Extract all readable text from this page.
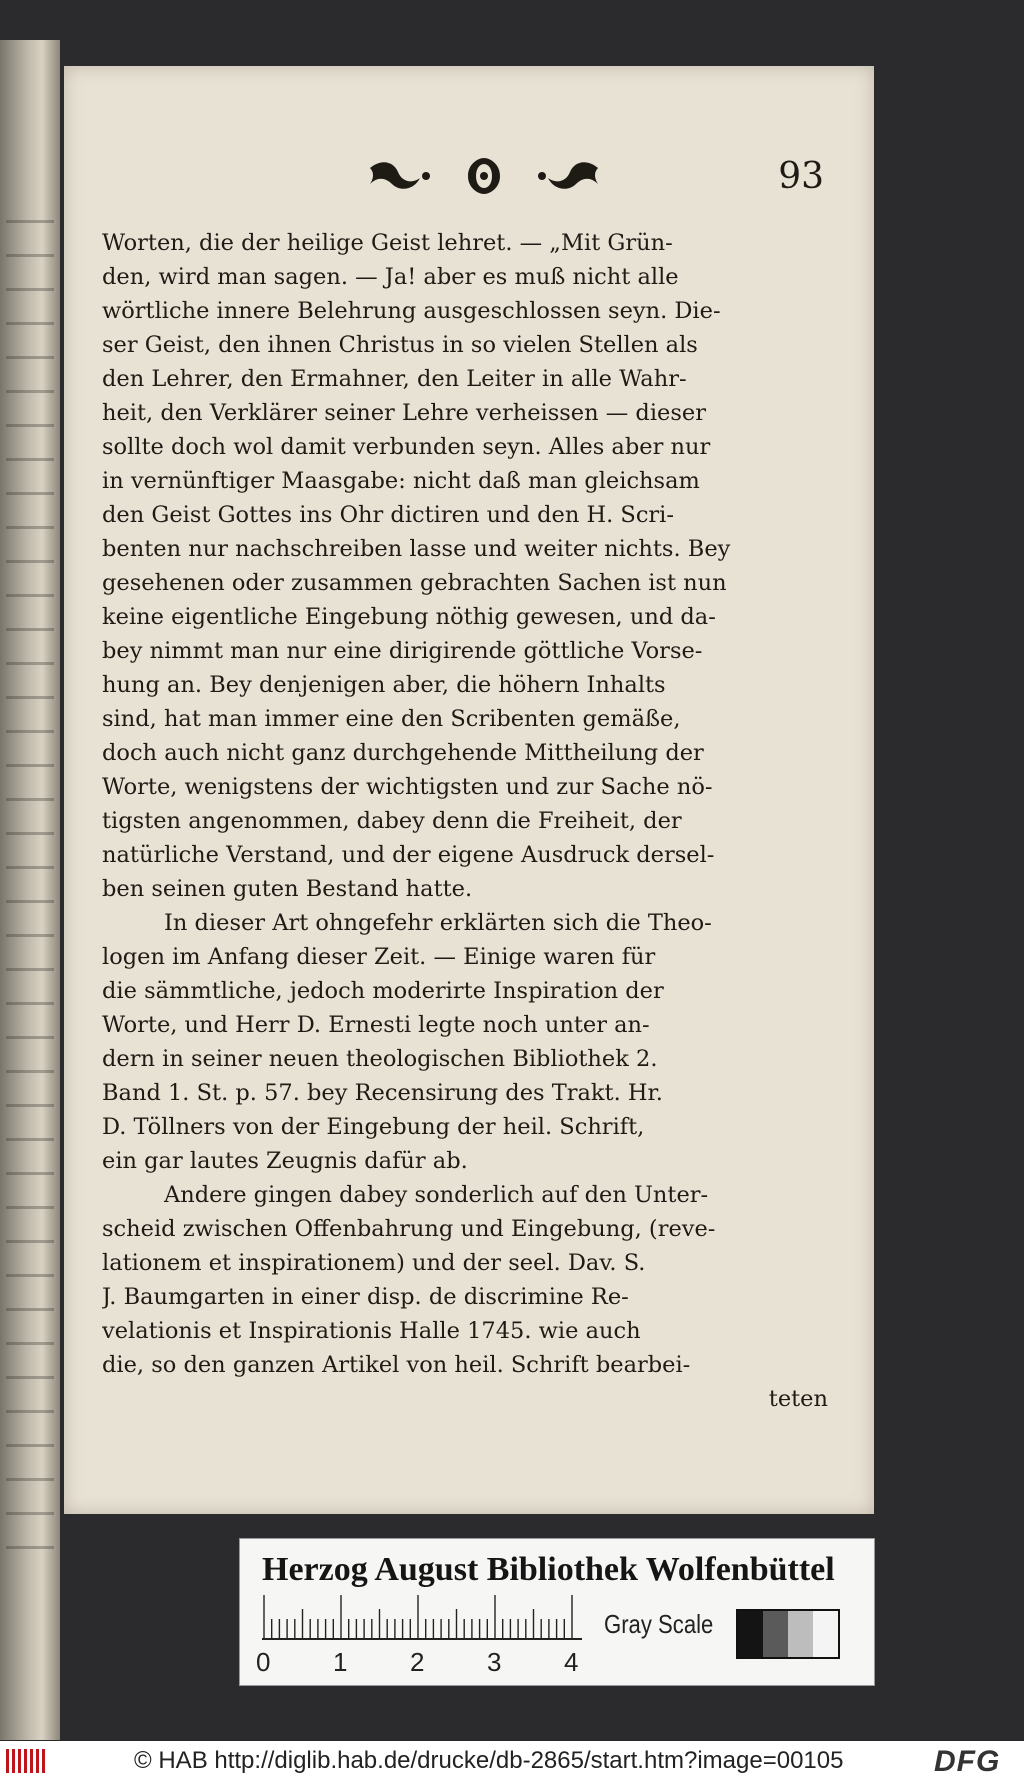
93
Worten, die der heilige Geist lehret. — „Mit Grün-
den, wird man sagen. — Ja! aber es muß nicht alle
wörtliche innere Belehrung ausgeschlossen seyn. Die-
ser Geist, den ihnen Christus in so vielen Stellen als
den Lehrer, den Ermahner, den Leiter in alle Wahr-
heit, den Verklärer seiner Lehre verheissen — dieser
sollte doch wol damit verbunden seyn. Alles aber nur
in vernünftiger Maasgabe: nicht daß man gleichsam
den Geist Gottes ins Ohr dictiren und den H. Scri-
benten nur nachschreiben lasse und weiter nichts. Bey
gesehenen oder zusammen gebrachten Sachen ist nun
keine eigentliche Eingebung nöthig gewesen, und da-
bey nimmt man nur eine dirigirende göttliche Vorse-
hung an. Bey denjenigen aber, die höhern Inhalts
sind, hat man immer eine den Scribenten gemäße,
doch auch nicht ganz durchgehende Mittheilung der
Worte, wenigstens der wichtigsten und zur Sache nö-
tigsten angenommen, dabey denn die Freiheit, der
natürliche Verstand, und der eigene Ausdruck dersel-
ben seinen guten Bestand hatte.
In dieser Art ohngefehr erklärten sich die Theo-
logen im Anfang dieser Zeit. — Einige waren für
die sämmtliche, jedoch moderirte Inspiration der
Worte, und Herr D. Ernesti legte noch unter an-
dern in seiner neuen theologischen Bibliothek 2.
Band 1. St. p. 57. bey Recensirung des Trakt. Hr.
D. Töllners von der Eingebung der heil. Schrift,
ein gar lautes Zeugnis dafür ab.
Andere gingen dabey sonderlich auf den Unter-
scheid zwischen Offenbahrung und Eingebung, (reve-
lationem et inspirationem) und der seel. Dav. S.
J. Baumgarten in einer disp. de discrimine Re-
velationis et Inspirationis Halle 1745. wie auch
die, so den ganzen Artikel von heil. Schrift bearbei-
teten
Herzog August Bibliothek Wolfenbüttel
0 1 2 3 4
Gray Scale
© HAB http://diglib.hab.de/drucke/db-2865/start.htm?image=00105	DFG
